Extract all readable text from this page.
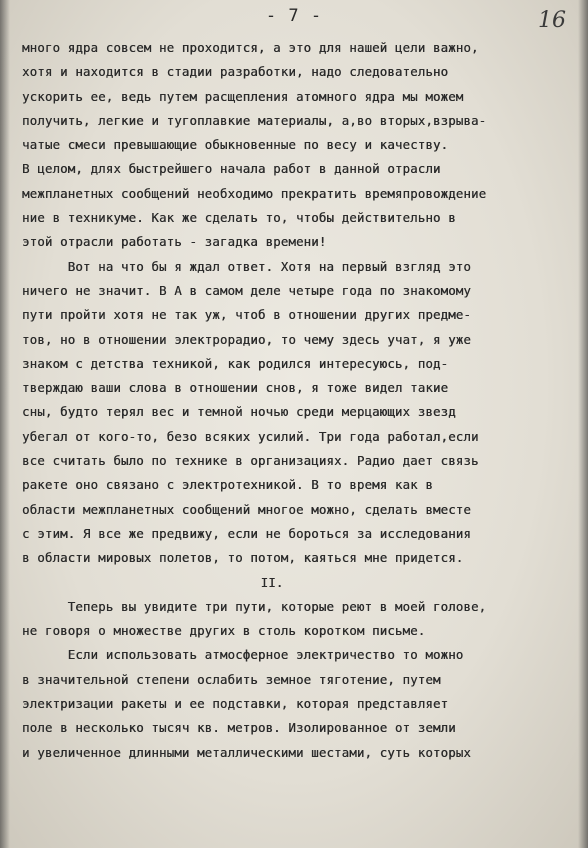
- 7 -	16
много ядра совсем не проходится, а это для нашей цели важно,
хотя и находится в стадии разработки, надо следовательно
ускорить ее, ведь путем расщепления атомного ядра мы можем
получить, легкие и тугоплавкие материалы, а,во вторых,взрыва-
чатые смеси превышающие обыкновенные по весу и качеству.
В целом, длях быстрейшего начала работ в данной отрасли
межпланетных сообщений необходимо прекратить времяпровождение
ние в техникуме. Как же сделать то, чтобы действительно в
этой отрасли работать - загадка времени!
Вот на что бы я ждал ответ. Хотя на первый взгляд это
ничего не значит. В А в самом деле четыре года по знакомому
пути пройти хотя не так уж, чтоб в отношении других предме-
тов, но в отношении электрорадио, то чему здесь учат, я уже
знаком с детства техникой, как родился интересуюсь, под-
тверждаю ваши слова в отношении снов, я тоже видел такие
сны, будто терял вес и темной ночью среди мерцающих звезд
убегал от кого-то, безо всяких усилий. Три года работал,если
все считать было по технике в организациях. Радио дает связь
ракете оно связано с электротехникой. В то время как в
области межпланетных сообщений многое можно, сделать вместе
с этим. Я все же предвижу, если не бороться за исследования
в области мировых полетов, то потом, каяться мне придется.
II.
Теперь вы увидите три пути, которые реют в моей голове,
не говоря о множестве других в столь коротком письме.
Если использовать атмосферное электричество то можно
в значительной степени ослабить земное тяготение, путем
электризации ракеты и ее подставки, которая представляет
поле в несколько тысяч кв. метров. Изолированное от земли
и увеличенное длинными металлическими шестами, суть которых
